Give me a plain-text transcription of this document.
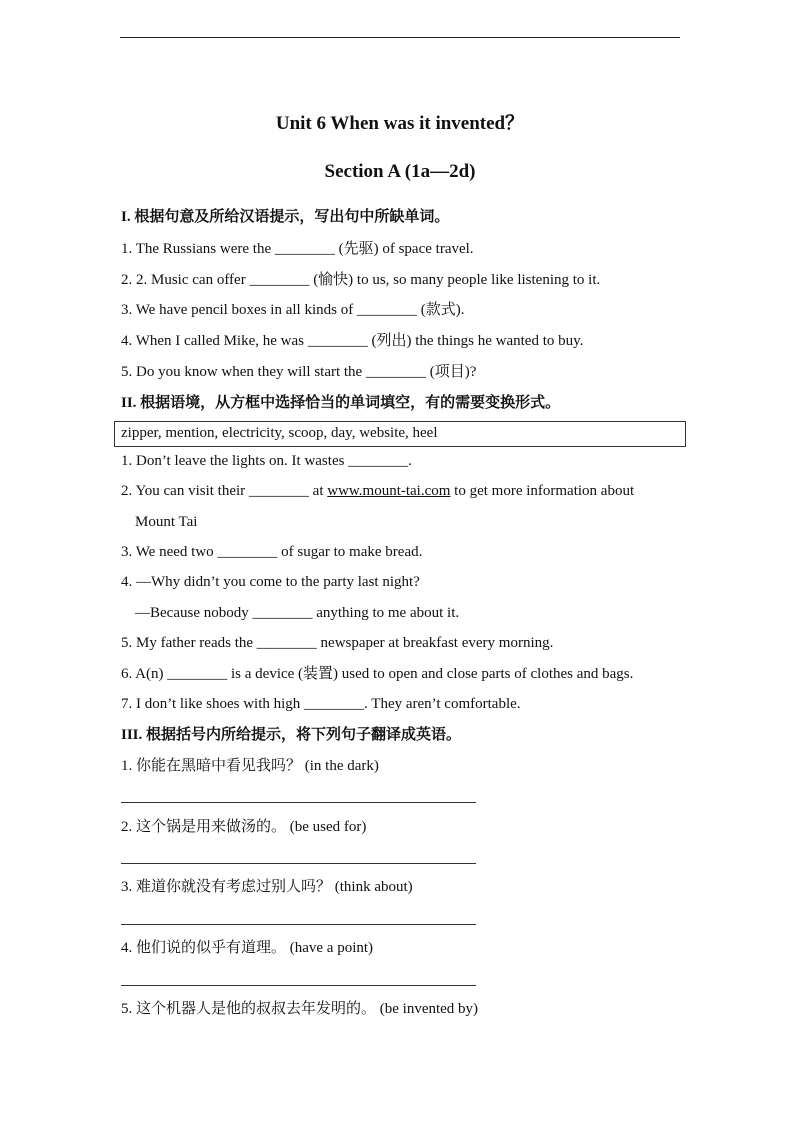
Unit 6 When was it invented？
Section A (1a—2d)
I. 根据句意及所给汉语提示，写出句中所缺单词。
1. The Russians were the ________ (先驱) of space travel.
2. 2. Music can offer ________ (愉快) to us, so many people like listening to it.
3. We have pencil boxes in all kinds of ________ (款式).
4. When I called Mike, he was ________ (列出) the things he wanted to buy.
5. Do you know when they will start the ________ (项目)?
II. 根据语境，从方框中选择恰当的单词填空，有的需要变换形式。
zipper, mention, electricity, scoop, day, website, heel
1. Don’t leave the lights on. It wastes ________.
2. You can visit their ________ at www.mount-tai.com to get more information about
Mount Tai
3. We need two ________ of sugar to make bread.
4. —Why didn’t you come to the party last night?
—Because nobody ________ anything to me about it.
5. My father reads the ________ newspaper at breakfast every morning.
6. A(n) ________ is a device (装置) used to open and close parts of clothes and bags.
7. I don’t like shoes with high ________. They aren’t comfortable.
III. 根据括号内所给提示，将下列句子翻译成英语。
1. 你能在黑暗中看见我吗？ (in the dark)
2. 这个锅是用来做汤的。 (be used for)
3. 难道你就没有考虑过别人吗？ (think about)
4. 他们说的似乎有道理。 (have a point)
5. 这个机器人是他的叔叔去年发明的。 (be invented by)
